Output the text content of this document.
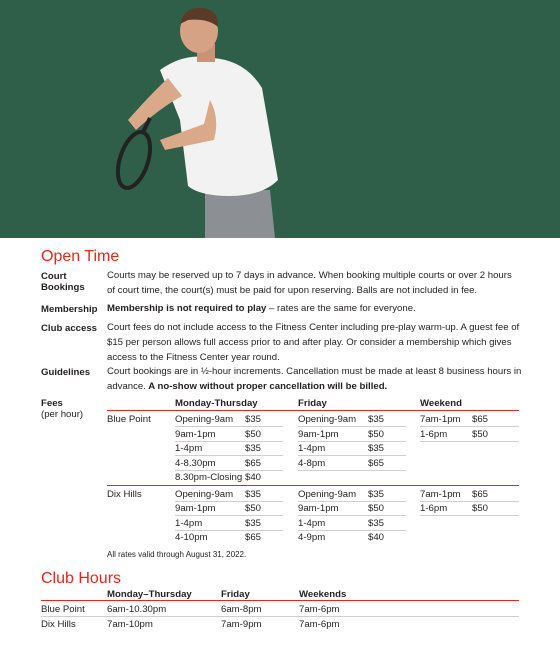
Open Time
Court Bookings
Courts may be reserved up to 7 days in advance. When booking multiple courts or over 2 hours of court time, the court(s) must be paid for upon reserving. Balls are not included in fee.
Membership Membership is not required to play – rates are the same for everyone.
Club access Court fees do not include access to the Fitness Center including pre-play warm-up. A guest fee of $15 per person allows full access prior to and after play. Or consider a membership which gives access to the Fitness Center year round.
Guidelines Court bookings are in ½-hour increments. Cancellation must be made at least 8 business hours in advance. A no-show without proper cancellation will be billed.
Fees
(per hour)
Monday-Thursday	Friday	Weekend
Blue Point	Opening-9am $35	Opening-9am $35	7am-1pm $65
9am-1pm	$50	9am-1pm	$50	1-6pm	$50
1-4pm	$35	1-4pm	$35
4-8.30pm	$65	4-8pm	$65
8.30pm-Closing $40
Dix Hills	Opening-9am $35	Opening-9am $35	7am-1pm $65
9am-1pm	$50	9am-1pm	$50	1-6pm	$50
1-4pm	$35	1-4pm	$35
4-10pm	$65	4-9pm	$40
All rates valid through August 31, 2022.
Club Hours
Monday–Thursday	Friday	Weekends
Blue Point 6am-10.30pm	6am-8pm	7am-6pm
Dix Hills	7am-10pm	7am-9pm	7am-6pm
